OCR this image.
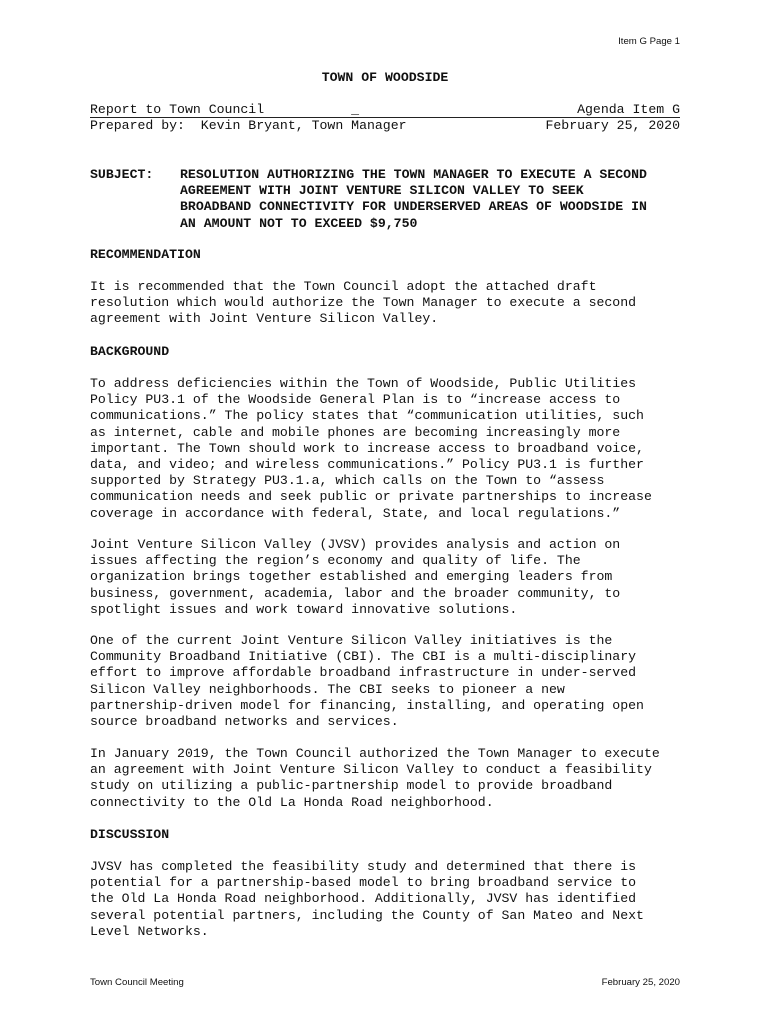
Item G Page 1
TOWN OF WOODSIDE
Report to Town Council           _	Agenda Item G
Prepared by:  Kevin Bryant, Town Manager	February 25, 2020
SUBJECT: RESOLUTION AUTHORIZING THE TOWN MANAGER TO EXECUTE A SECOND
AGREEMENT WITH JOINT VENTURE SILICON VALLEY TO SEEK
BROADBAND CONNECTIVITY FOR UNDERSERVED AREAS OF WOODSIDE IN
AN AMOUNT NOT TO EXCEED $9,750
RECOMMENDATION

It is recommended that the Town Council adopt the attached draft
resolution which would authorize the Town Manager to execute a second
agreement with Joint Venture Silicon Valley.

BACKGROUND

To address deficiencies within the Town of Woodside, Public Utilities
Policy PU3.1 of the Woodside General Plan is to “increase access to
communications.” The policy states that “communication utilities, such
as internet, cable and mobile phones are becoming increasingly more
important. The Town should work to increase access to broadband voice,
data, and video; and wireless communications.” Policy PU3.1 is further
supported by Strategy PU3.1.a, which calls on the Town to “assess
communication needs and seek public or private partnerships to increase
coverage in accordance with federal, State, and local regulations.”

Joint Venture Silicon Valley (JVSV) provides analysis and action on
issues affecting the region’s economy and quality of life. The
organization brings together established and emerging leaders from
business, government, academia, labor and the broader community, to
spotlight issues and work toward innovative solutions.

One of the current Joint Venture Silicon Valley initiatives is the
Community Broadband Initiative (CBI). The CBI is a multi-disciplinary
effort to improve affordable broadband infrastructure in under-served
Silicon Valley neighborhoods. The CBI seeks to pioneer a new
partnership-driven model for financing, installing, and operating open
source broadband networks and services.

In January 2019, the Town Council authorized the Town Manager to execute
an agreement with Joint Venture Silicon Valley to conduct a feasibility
study on utilizing a public-partnership model to provide broadband
connectivity to the Old La Honda Road neighborhood.

DISCUSSION

JVSV has completed the feasibility study and determined that there is
potential for a partnership-based model to bring broadband service to
the Old La Honda Road neighborhood. Additionally, JVSV has identified
several potential partners, including the County of San Mateo and Next
Level Networks.

Town Council Meeting	February 25, 2020
